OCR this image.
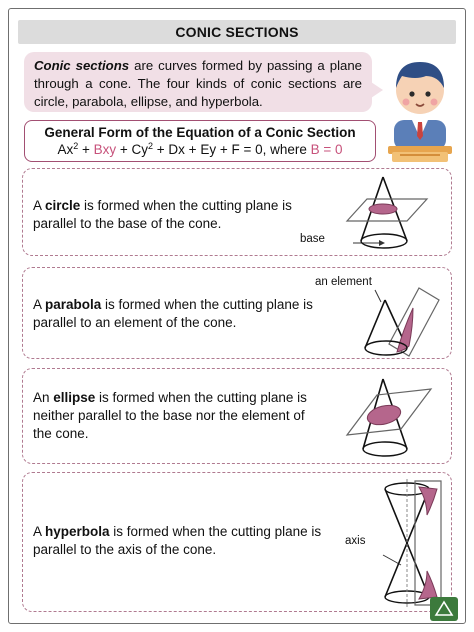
CONIC SECTIONS
Conic sections are curves formed by passing a plane through a cone. The four kinds of conic sections are circle, parabola, ellipse, and hyperbola.
General Form of the Equation of a Conic Section
$Ax^2$ + Bxy + $Cy^2 + Dx + Ey + F = 0$, where B = 0
A circle is formed when the cutting plane is parallel to the base of the cone.
base
A parabola is formed when the cutting plane is parallel to an element of the cone.
an element
An ellipse is formed when the cutting plane is neither parallel to the base nor the element of the cone.
A hyperbola is formed when the cutting plane is parallel to the axis of the cone.
axis
